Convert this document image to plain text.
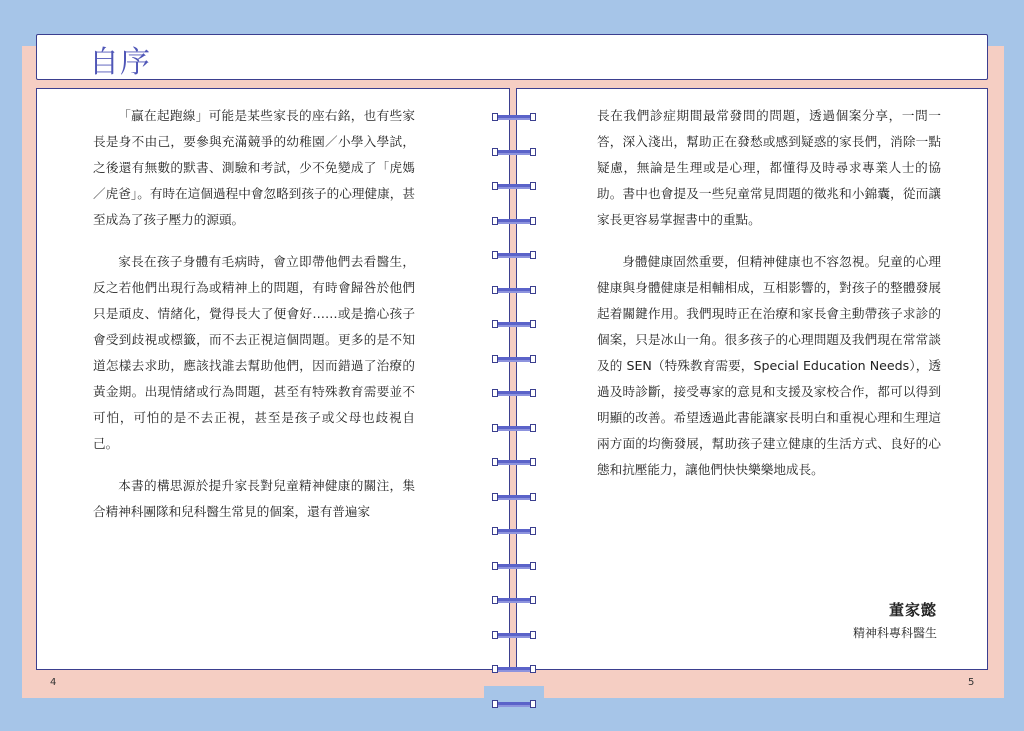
自序

「贏在起跑線」可能是某些家長的座右銘，也有些家長是身不由己，要參與充滿競爭的幼稚園／小學入學試，之後還有無數的默書、測驗和考試，少不免變成了「虎媽／虎爸」。有時在這個過程中會忽略到孩子的心理健康，甚至成為了孩子壓力的源頭。

家長在孩子身體有毛病時，會立即帶他們去看醫生，反之若他們出現行為或精神上的問題，有時會歸咎於他們只是頑皮、情緒化，覺得長大了便會好……或是擔心孩子會受到歧視或標籤，而不去正視這個問題。更多的是不知道怎樣去求助，應該找誰去幫助他們，因而錯過了治療的黃金期。出現情緒或行為問題，甚至有特殊教育需要並不可怕，可怕的是不去正視，甚至是孩子或父母也歧視自己。

本書的構思源於提升家長對兒童精神健康的關注，集合精神科團隊和兒科醫生常見的個案，還有普遍家

長在我們診症期間最常發問的問題，透過個案分享，一問一答，深入淺出，幫助正在發愁或感到疑惑的家長們，消除一點疑慮，無論是生理或是心理，都懂得及時尋求專業人士的協助。書中也會提及一些兒童常見問題的徵兆和小錦囊，從而讓家長更容易掌握書中的重點。

身體健康固然重要，但精神健康也不容忽視。兒童的心理健康與身體健康是相輔相成，互相影響的，對孩子的整體發展起着關鍵作用。我們現時正在治療和家長會主動帶孩子求診的個案，只是冰山一角。很多孩子的心理問題及我們現在常常談及的 SEN（特殊教育需要，Special Education Needs），透過及時診斷，接受專家的意見和支援及家校合作，都可以得到明顯的改善。希望透過此書能讓家長明白和重視心理和生理這兩方面的均衡發展，幫助孩子建立健康的生活方式、良好的心態和抗壓能力，讓他們快快樂樂地成長。

董家懿
精神科專科醫生
4	5
